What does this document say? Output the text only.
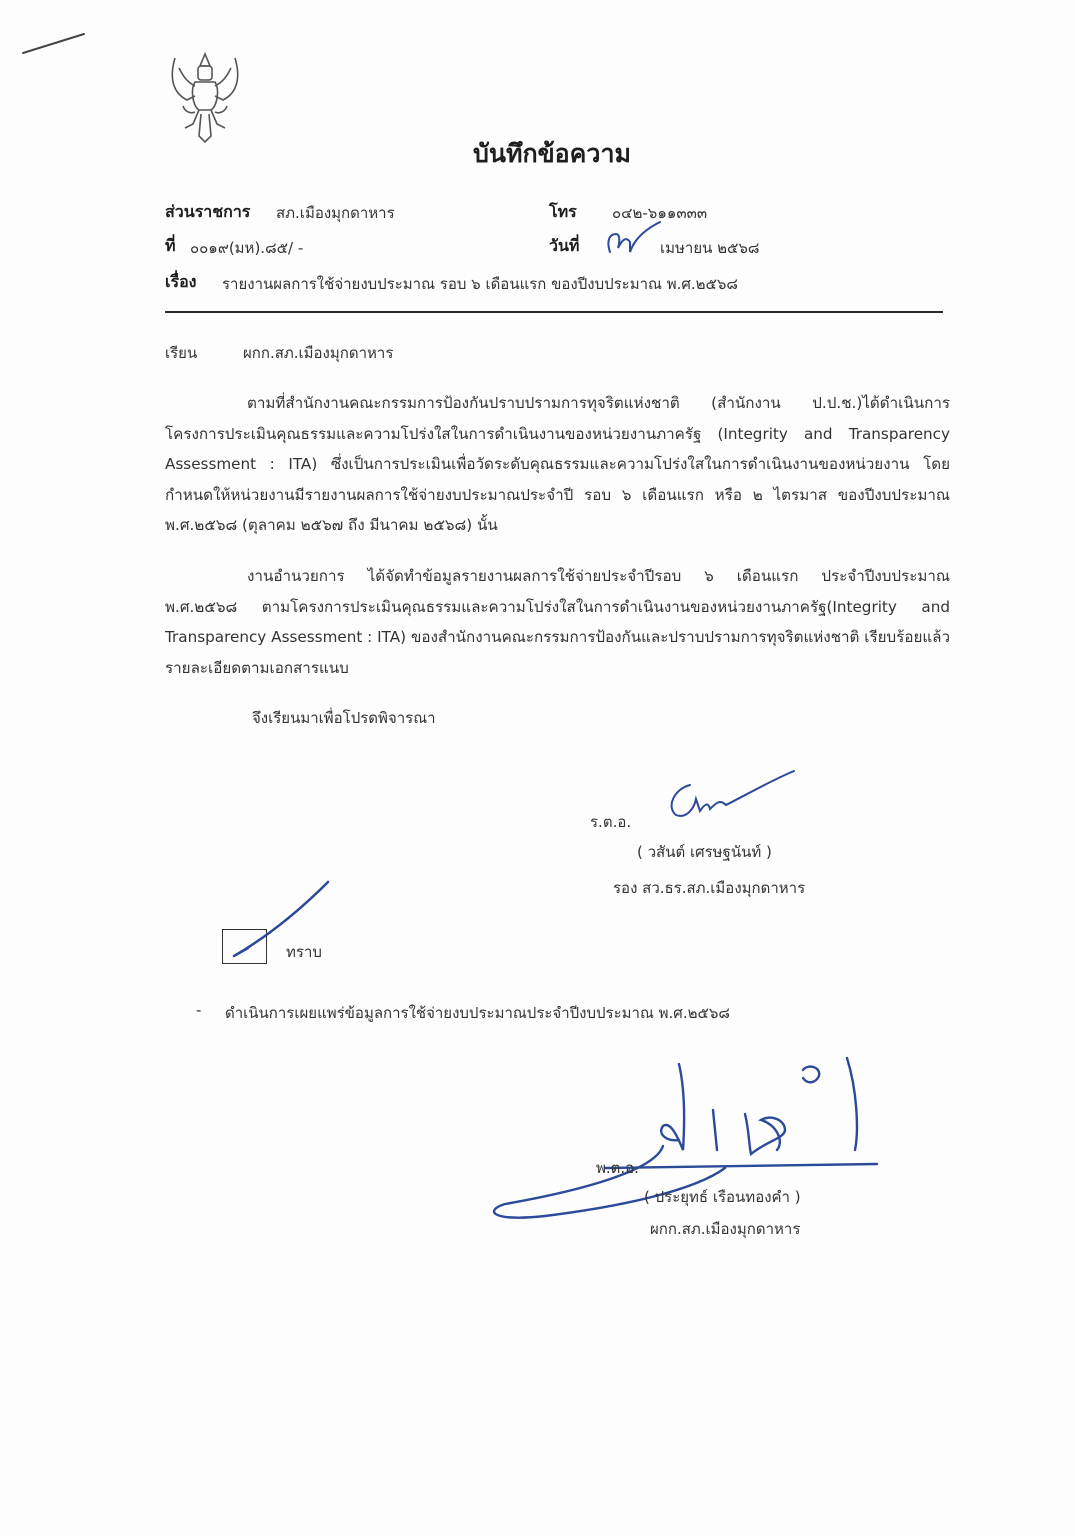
บันทึกข้อความ
ส่วนราชการ สภ.เมืองมุกดาหาร	โทร ๐๔๒-๖๑๑๓๓๓
ที่ ๐๐๑๙(มห).๘๕/ -	วันที่	เมษายน ๒๕๖๘
เรื่อง รายงานผลการใช้จ่ายงบประมาณ รอบ ๖ เดือนแรก ของปีงบประมาณ พ.ศ.๒๕๖๘
เรียน	ผกก.สภ.เมืองมุกดาหาร

ตามที่สำนักงานคณะกรรมการป้องกันปราบปรามการทุจริตแห่งชาติ (สำนักงาน ป.ป.ช.)ได้ดำเนินการโครงการประเมินคุณธรรมและความโปร่งใสในการดำเนินงานของหน่วยงานภาครัฐ (Integrity and Transparency Assessment : ITA) ซึ่งเป็นการประเมินเพื่อวัดระดับคุณธรรมและความโปร่งใสในการดำเนินงานของหน่วยงาน โดยกำหนดให้หน่วยงานมีรายงานผลการใช้จ่ายงบประมาณประจำปี รอบ ๖ เดือนแรก หรือ ๒ ไตรมาส ของปีงบประมาณ พ.ศ.๒๕๖๘ (ตุลาคม ๒๕๖๗ ถึง มีนาคม ๒๕๖๘) นั้น

งานอำนวยการ ได้จัดทำข้อมูลรายงานผลการใช้จ่ายประจำปีรอบ ๖ เดือนแรก ประจำปีงบประมาณ พ.ศ.๒๕๖๘ ตามโครงการประเมินคุณธรรมและความโปร่งใสในการดำเนินงานของหน่วยงานภาครัฐ(Integrity and Transparency Assessment : ITA) ของสำนักงานคณะกรรมการป้องกันและปราบปรามการทุจริตแห่งชาติ เรียบร้อยแล้ว รายละเอียดตามเอกสารแนบ

จึงเรียนมาเพื่อโปรดพิจารณา
ร.ต.อ.
( วสันต์ เศรษฐนันท์ )
รอง สว.ธร.สภ.เมืองมุกดาหาร
ทราบ
- ดำเนินการเผยแพร่ข้อมูลการใช้จ่ายงบประมาณประจำปีงบประมาณ พ.ศ.๒๕๖๘
พ.ต.อ.
( ประยุทธ์ เรือนทองคำ )
ผกก.สภ.เมืองมุกดาหาร
